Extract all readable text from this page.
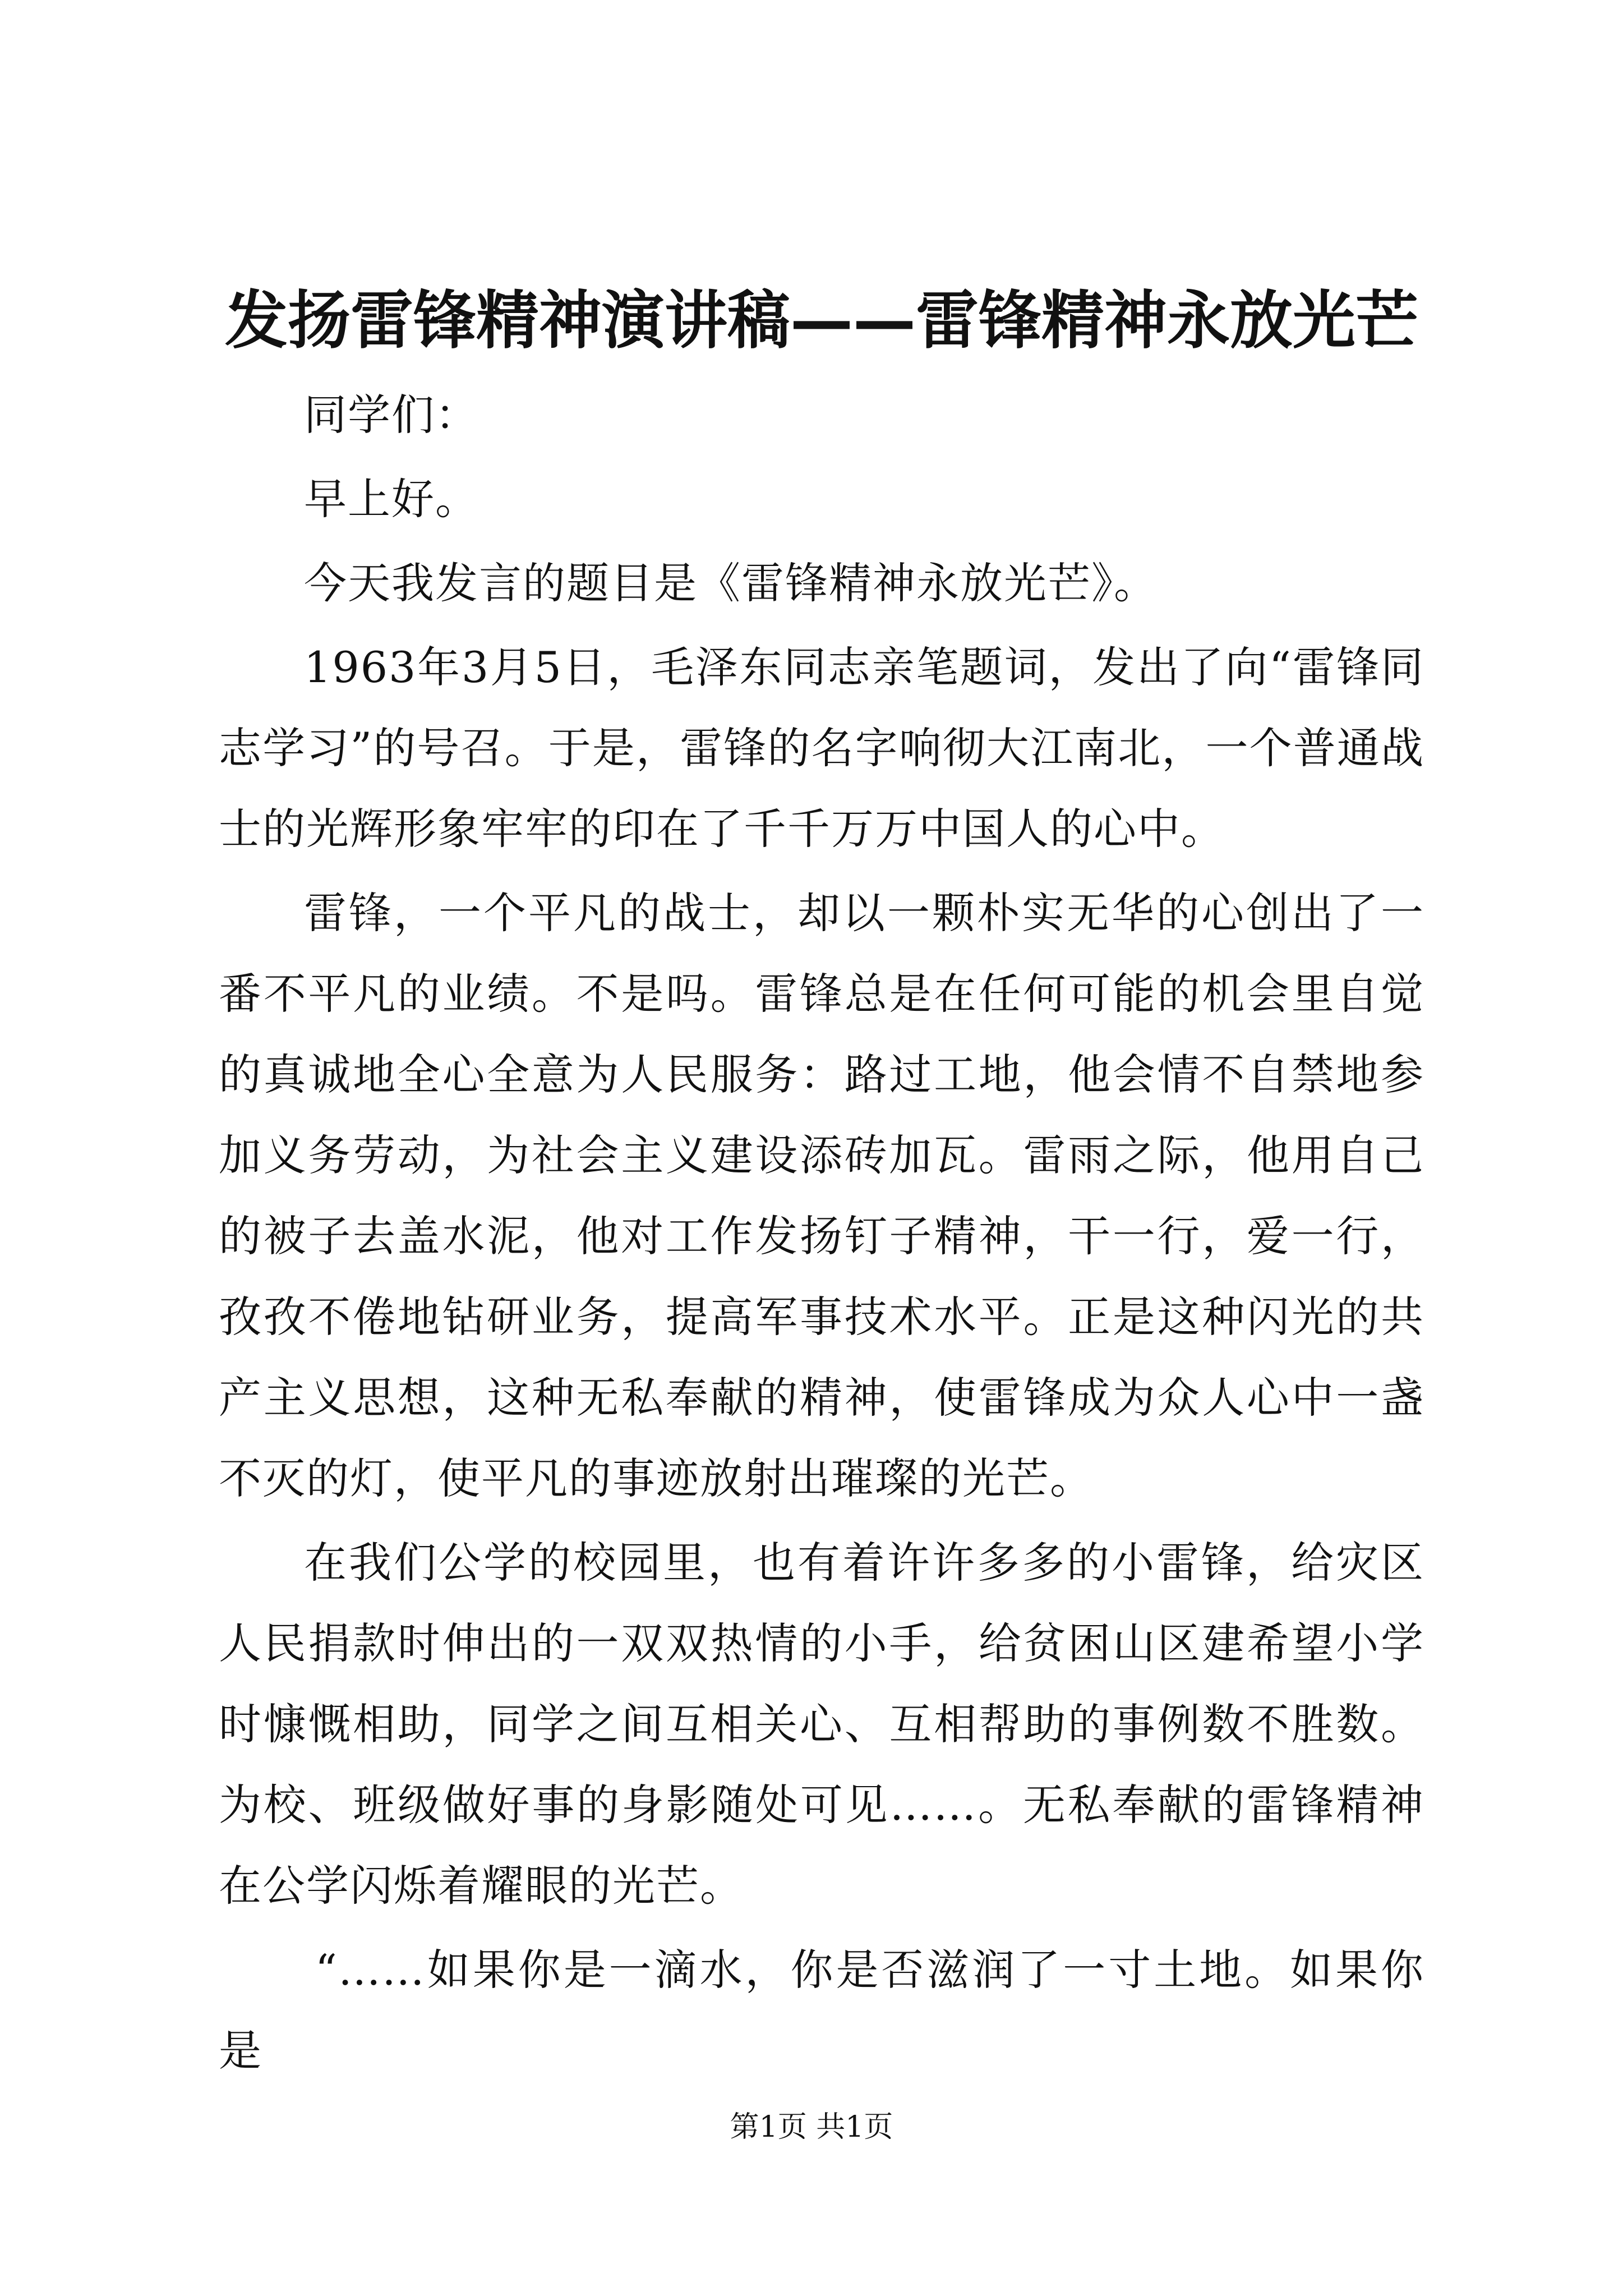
发扬雷锋精神演讲稿——雷锋精神永放光芒

同学们：

早上好。

今天我发言的题目是《雷锋精神永放光芒》。

1963年3月5日，毛泽东同志亲笔题词，发出了向“雷锋同志学习”的号召。于是，雷锋的名字响彻大江南北，一个普通战士的光辉形象牢牢的印在了千千万万中国人的心中。

雷锋，一个平凡的战士，却以一颗朴实无华的心创出了一番不平凡的业绩。不是吗。雷锋总是在任何可能的机会里自觉的真诚地全心全意为人民服务：路过工地，他会情不自禁地参加义务劳动，为社会主义建设添砖加瓦。雷雨之际，他用自己的被子去盖水泥，他对工作发扬钉子精神，干一行，爱一行，孜孜不倦地钻研业务，提高军事技术水平。正是这种闪光的共产主义思想，这种无私奉献的精神，使雷锋成为众人心中一盏不灭的灯，使平凡的事迹放射出璀璨的光芒。

在我们公学的校园里，也有着许许多多的小雷锋，给灾区人民捐款时伸出的一双双热情的小手，给贫困山区建希望小学时慷慨相助，同学之间互相关心、互相帮助的事例数不胜数。为校、班级做好事的身影随处可见……。无私奉献的雷锋精神在公学闪烁着耀眼的光芒。

“……如果你是一滴水，你是否滋润了一寸土地。如果你是

第1页 共1页
